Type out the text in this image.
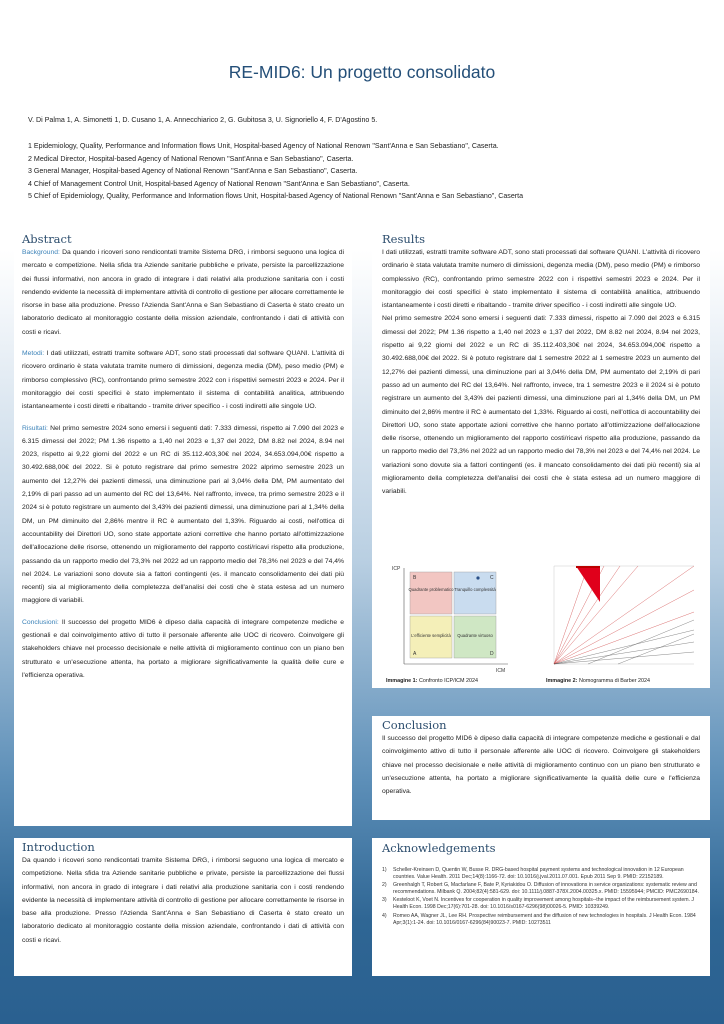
RE-MID6: Un progetto consolidato
V. Di Palma 1, A. Simonetti 1, D. Cusano 1, A. Annecchiarico 2, G. Gubitosa 3, U. Signoriello 4, F. D'Agostino 5.
1 Epidemiology, Quality, Performance and Information flows Unit, Hospital-based Agency of National Renown "Sant'Anna e San Sebastiano", Caserta.
2 Medical Director, Hospital-based Agency of National Renown "Sant'Anna e San Sebastiano", Caserta.
3 General Manager, Hospital-based Agency of National Renown "Sant'Anna e San Sebastiano", Caserta.
4 Chief of Management Control Unit, Hospital-based Agency of National Renown "Sant'Anna e San Sebastiano", Caserta.
5 Chief of Epidemiology, Quality, Performance and Information flows Unit, Hospital-based Agency of National Renown "Sant'Anna e San Sebastiano", Caserta
Abstract

Background: Da quando i ricoveri sono rendicontati tramite Sistema DRG, i rimborsi seguono una logica di mercato e competizione. Nella sfida tra Aziende sanitarie pubbliche e private, persiste la parcellizzazione dei flussi informativi, non ancora in grado di integrare i dati relativi alla produzione sanitaria con i costi rendendo evidente la necessità di implementare attività di controllo di gestione per allocare correttamente le risorse in base alla produzione. Presso l'Azienda Sant'Anna e San Sebastiano di Caserta è stato creato un laboratorio dedicato al monitoraggio costante della mission aziendale, confrontando i dati di attività con costi e ricavi.

Metodi: I dati utilizzati, estratti tramite software ADT, sono stati processati dal software QUANI. L'attività di ricovero ordinario è stata valutata tramite numero di dimissioni, degenza media (DM), peso medio (PM) e rimborso complessivo (RC), confrontando primo semestre 2022 con i rispettivi semestri 2023 e 2024. Per il monitoraggio dei costi specifici è stato implementato il sistema di contabilità analitica, attribuendo istantaneamente i costi diretti e ribaltando - tramite driver specifico - i costi indiretti alle singole UO.

Risultati: Nel primo semestre 2024 sono emersi i seguenti dati: 7.333 dimessi, rispetto ai 7.090 del 2023 e 6.315 dimessi del 2022; PM 1.36 rispetto a 1,40 nel 2023 e 1,37 del 2022, DM 8.82 nel 2024, 8.94 nel 2023, rispetto ai 9,22 giorni del 2022 e un RC di 35.112.403,30€ nel 2024, 34.653.094,00€ rispetto a 30.492.688,00€ del 2022. Si è potuto registrare dal primo semestre 2022 alprimo semestre 2023 un aumento del 12,27% dei pazienti dimessi, una diminuzione pari al 3,04% della DM, PM aumentato del 2,19% di pari passo ad un aumento del RC del 13,64%. Nel raffronto, invece, tra primo semestre 2023 e il 2024 si è potuto registrare un aumento del 3,43% dei pazienti dimessi, una diminuzione pari al 1,34% della DM, un PM diminuito del 2,86% mentre il RC è aumentato del 1,33%. Riguardo ai costi, nell'ottica di accountability dei Direttori UO, sono state apportate azioni correttive che hanno portato all'ottimizzazione dell'allocazione delle risorse, ottenendo un miglioramento del rapporto costi/ricavi rispetto alla produzione, passando da un rapporto medio del 73,3% nel 2022 ad un rapporto medio del 78,3% nel 2023 e del 74,4% nel 2024. Le variazioni sono dovute sia a fattori contingenti (es. il mancato consolidamento dei dati più recenti) sia al miglioramento della completezza dell'analisi dei costi che è stata estesa ad un numero maggiore di variabili.

Conclusioni: Il successo del progetto MID6 è dipeso dalla capacità di integrare competenze mediche e gestionali e dal coinvolgimento attivo di tutto il personale afferente alle UOC di ricovero. Coinvolgere gli stakeholders chiave nel processo decisionale e nelle attività di miglioramento continuo con un piano ben strutturato e un'esecuzione attenta, ha portato a migliorare significativamente la qualità delle cure e l'efficienza operativa.

Results

I dati utilizzati, estratti tramite software ADT, sono stati processati dal software QUANI. L'attività di ricovero ordinario è stata valutata tramite numero di dimissioni, degenza media (DM), peso medio (PM) e rimborso complessivo (RC), confrontando primo semestre 2022 con i rispettivi semestri 2023 e 2024. Per il monitoraggio dei costi specifici è stato implementato il sistema di contabilità analitica, attribuendo istantaneamente i costi diretti e ribaltando - tramite driver specifico - i costi indiretti alle singole UO.

Nel primo semestre 2024 sono emersi i seguenti dati: 7.333 dimessi, rispetto ai 7.090 del 2023 e 6.315 dimessi del 2022; PM 1.36 rispetto a 1,40 nel 2023 e 1,37 del 2022, DM 8.82 nel 2024, 8.94 nel 2023, rispetto ai 9,22 giorni del 2022 e un RC di 35.112.403,30€ nel 2024, 34.653.094,00€ rispetto a 30.492.688,00€ del 2022. Si è potuto registrare dal 1 semestre 2022 al 1 semestre 2023 un aumento del 12,27% dei pazienti dimessi, una diminuzione pari al 3,04% della DM, PM aumentato del 2,19% di pari passo ad un aumento del RC del 13,64%. Nel raffronto, invece, tra 1 semestre 2023 e il 2024 si è potuto registrare un aumento del 3,43% dei pazienti dimessi, una diminuzione pari al 1,34% della DM, un PM diminuito del 2,86% mentre il RC è aumentato del 1,33%. Riguardo ai costi, nell'ottica di accountability dei Direttori UO, sono state apportate azioni correttive che hanno portato all'ottimizzazione dell'allocazione delle risorse, ottenendo un miglioramento del rapporto costi/ricavi rispetto alla produzione, passando da un rapporto medio del 73,3% nel 2022 ad un rapporto medio del 78,3% nel 2023 e del 74,4% nel 2024. Le variazioni sono dovute sia a fattori contingenti (es. il mancato consolidamento dei dati più recenti) sia al miglioramento della completezza dell'analisi dei costi che è stata estesa ad un numero maggiore di variabili.

ICP
ICM
B	C
A	D
Quadrante problematico Tranquillo complessità
L'efficiente semplicità Quadrante virtuoso
Immagine 1: Confronto ICP/ICM 2024	Immagine 2: Nomogramma di Barber 2024
Conclusion
Il successo del progetto MID6 è dipeso dalla capacità di integrare competenze mediche e gestionali e dal coinvolgimento attivo di tutto il personale afferente alle UOC di ricovero. Coinvolgere gli stakeholders chiave nel processo decisionale e nelle attività di miglioramento continuo con un piano ben strutturato e un'esecuzione attenta, ha portato a migliorare significativamente la qualità delle cure e l'efficienza operativa.
Introduction
Da quando i ricoveri sono rendicontati tramite Sistema DRG, i rimborsi seguono una logica di mercato e competizione. Nella sfida tra Aziende sanitarie pubbliche e private, persiste la parcellizzazione dei flussi informativi, non ancora in grado di integrare i dati relativi alla produzione sanitaria con i costi rendendo evidente la necessità di implementare attività di controllo di gestione per allocare correttamente le risorse in base alla produzione. Presso l'Azienda Sant'Anna e San Sebastiano di Caserta è stato creato un laboratorio dedicato al monitoraggio costante della mission aziendale, confrontando i dati di attività con costi e ricavi.
Acknowledgements
1)	Scheller-Kreinsen D, Quentin W, Busse R. DRG-based hospital payment systems and technological innovation in 12 European countries. Value Health. 2011 Dec;14(8):1166-72. doi: 10.1016/j.jval.2011.07.001. Epub 2011 Sep 9. PMID: 22152189.
2)	Greenhalgh T, Robert G, Macfarlane F, Bate P, Kyriakidou O. Diffusion of innovations in service organizations: systematic review and recommendations. Milbank Q. 2004;82(4):581-629. doi: 10.1111/j.0887-378X.2004.00325.x. PMID: 15595944; PMCID: PMC2690184.
3)	Kesteloot K, Voet N. Incentives for cooperation in quality improvement among hospitals--the impact of the reimbursement system. J Health Econ. 1998 Dec;17(6):701-28. doi: 10.1016/s0167-6296(98)00026-5. PMID: 10339249.
4)	Romeo AA, Wagner JL, Lee RH. Prospective reimbursement and the diffusion of new technologies in hospitals. J Health Econ. 1984 Apr;3(1):1-24. doi: 10.1016/0167-6296(84)90023-7. PMID: 10273511
